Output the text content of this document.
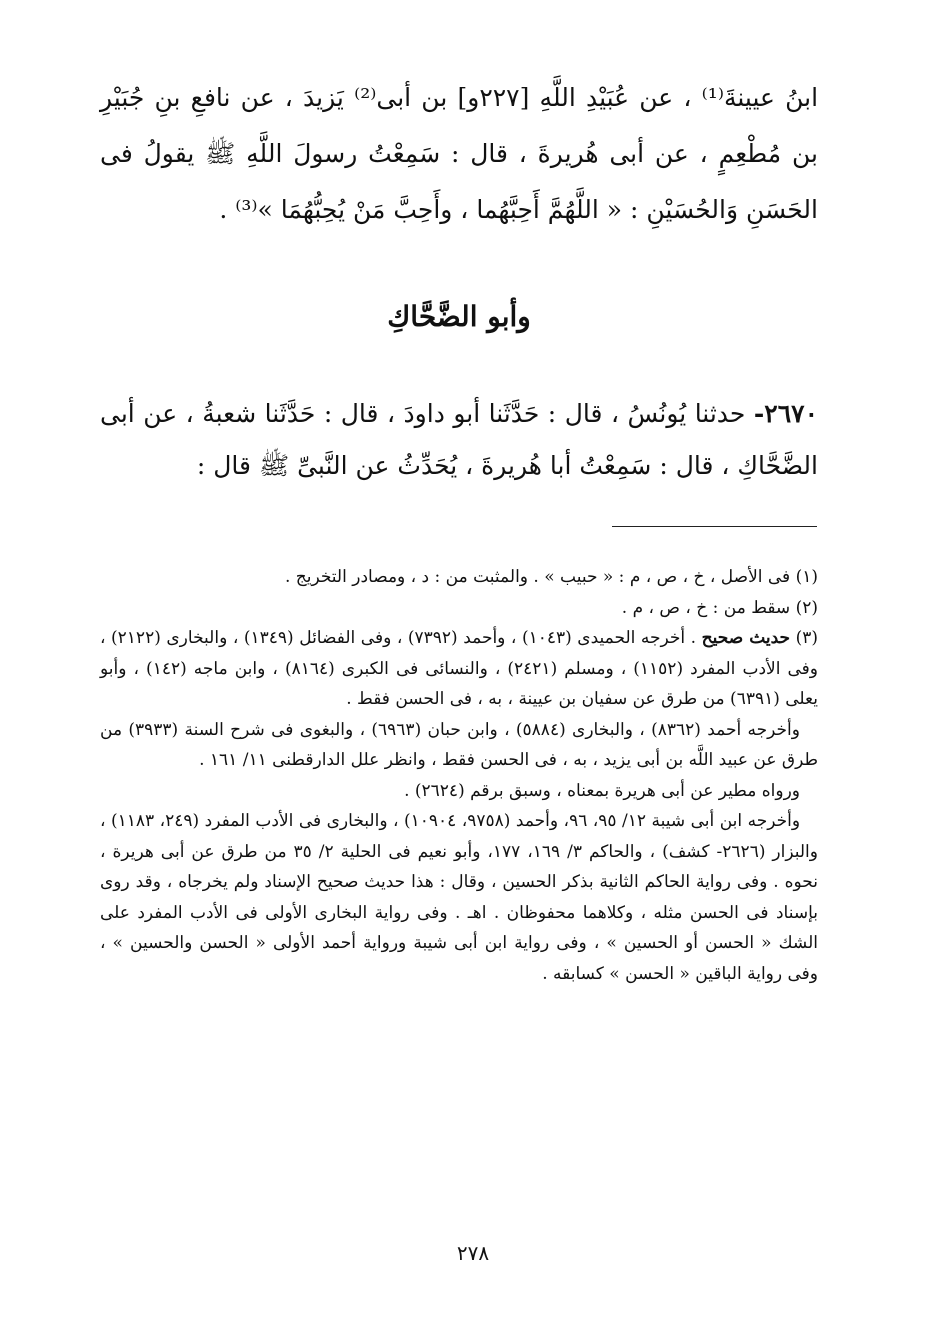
ابنُ عيينةَ⁽¹⁾ ، عن عُبَيْدِ اللَّهِ [٢٢٧و] بن أبى⁽²⁾ يَزيدَ ، عن نافعِ بنِ جُبَيْرِ بن مُطْعِمٍ ، عن أبى هُريرةَ ، قال : سَمِعْتُ رسولَ اللَّهِ ﷺ يقولُ فى الحَسَنِ وَالحُسَيْنِ : « اللَّهُمَّ أَحِبَّهُما ، وأَحِبَّ مَنْ يُحِبُّهُمَا »⁽³⁾ .
وأبو الضَّحَّاكِ
٢٦٧٠- حدثنا يُونُسُ ، قال : حَدَّثَنا أبو داودَ ، قال : حَدَّثَنا شعبةُ ، عن أبى الضَّحَّاكِ ، قال : سَمِعْتُ أبا هُريرةَ ، يُحَدِّثُ عن النَّبىِّ ﷺ قال :

(١) فى الأصل ، خ ، ص ، م : « حبيب » . والمثبت من : د ، ومصادر التخريج .

(٢) سقط من : خ ، ص ، م .

(٣) حديث صحيح . أخرجه الحميدى (١٠٤٣) ، وأحمد (٧٣٩٢) ، وفى الفضائل (١٣٤٩) ، والبخارى (٢١٢٢) ، وفى الأدب المفرد (١١٥٢) ، ومسلم (٢٤٢١) ، والنسائى فى الكبرى (٨١٦٤) ، وابن ماجه (١٤٢) ، وأبو يعلى (٦٣٩١) من طرق عن سفيان بن عيينة ، به ، فى الحسن فقط .

وأخرجه أحمد (٨٣٦٢) ، والبخارى (٥٨٨٤) ، وابن حبان (٦٩٦٣) ، والبغوى فى شرح السنة (٣٩٣٣) من طرق عن عبيد اللَّه بن أبى يزيد ، به ، فى الحسن فقط ، وانظر علل الدارقطنى ١١/ ١٦١ .

ورواه مطير عن أبى هريرة بمعناه ، وسبق برقم (٢٦٢٤) .

وأخرجه ابن أبى شيبة ١٢/ ٩٥، ٩٦، وأحمد (٩٧٥٨، ١٠٩٠٤) ، والبخارى فى الأدب المفرد (٢٤٩، ١١٨٣) ، والبزار (٢٦٢٦- كشف) ، والحاكم ٣/ ١٦٩، ١٧٧، وأبو نعيم فى الحلية ٢/ ٣٥ من طرق عن أبى هريرة ، نحوه . وفى رواية الحاكم الثانية بذكر الحسين ، وقال : هذا حديث صحيح الإسناد ولم يخرجاه ، وقد روى بإسناد فى الحسن مثله ، وكلاهما محفوظان . اهـ . وفى رواية البخارى الأولى فى الأدب المفرد على الشك « الحسن أو الحسين » ، وفى رواية ابن أبى شيبة ورواية أحمد الأولى « الحسن والحسين » ، وفى رواية الباقين « الحسن » كسابقه .

٢٧٨
